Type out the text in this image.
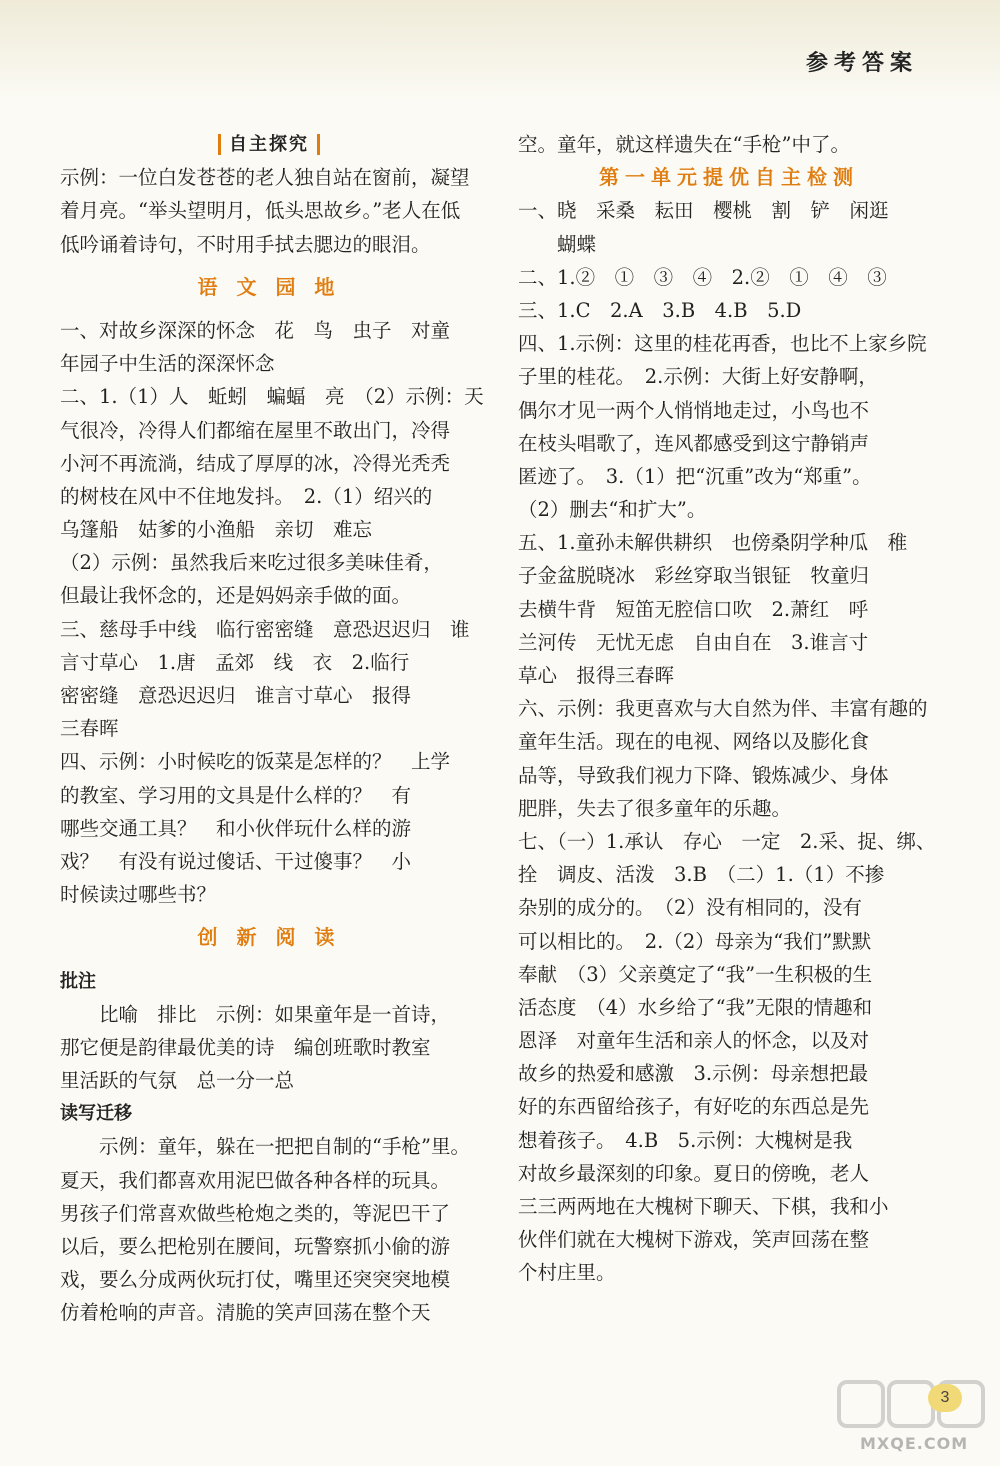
参考答案
自主探究
示例：一位白发苍苍的老人独自站在窗前，凝望
着月亮。“举头望明月，低头思故乡。”老人在低
低吟诵着诗句，不时用手拭去腮边的眼泪。
语 文 园 地
一、对故乡深深的怀念　花　鸟　虫子　对童
年园子中生活的深深怀念
二、1.（1）人　蚯蚓　蝙蝠　亮　（2）示例：天
气很冷，冷得人们都缩在屋里不敢出门，冷得
小河不再流淌，结成了厚厚的冰，冷得光秃秃
的树枝在风中不住地发抖。　2.（1）绍兴的
乌篷船　姑爹的小渔船　亲切　难忘
（2）示例：虽然我后来吃过很多美味佳肴，
但最让我怀念的，还是妈妈亲手做的面。
三、慈母手中线　临行密密缝　意恐迟迟归　谁
言寸草心　1.唐　孟郊　线　衣　2.临行
密密缝　意恐迟迟归　谁言寸草心　报得
三春晖
四、示例：小时候吃的饭菜是怎样的？　上学
的教室、学习用的文具是什么样的？　有
哪些交通工具？　和小伙伴玩什么样的游
戏？　有没有说过傻话、干过傻事？　小
时候读过哪些书？
创 新 阅 读
批注
　　比喻　排比　示例：如果童年是一首诗，
那它便是韵律最优美的诗　编创班歌时教室
里活跃的气氛　总一分一总
读写迁移
　　示例：童年，躲在一把把自制的“手枪”里。
夏天，我们都喜欢用泥巴做各种各样的玩具。
男孩子们常喜欢做些枪炮之类的，等泥巴干了
以后，要么把枪别在腰间，玩警察抓小偷的游
戏，要么分成两伙玩打仗，嘴里还突突突地模
仿着枪响的声音。清脆的笑声回荡在整个天
空。童年，就这样遗失在“手枪”中了。
第一单元提优自主检测
一、晓　采桑　耘田　樱桃　割　铲　闲逛
　　蝴蝶
二、1.②　①　③　④　2.②　①　④　③
三、1.C　2.A　3.B　4.B　5.D
四、1.示例：这里的桂花再香，也比不上家乡院
子里的桂花。　2.示例：大街上好安静啊，
偶尔才见一两个人悄悄地走过，小鸟也不
在枝头唱歌了，连风都感受到这宁静销声
匿迹了。　3.（1）把“沉重”改为“郑重”。
（2）删去“和扩大”。
五、1.童孙未解供耕织　也傍桑阴学种瓜　稚
子金盆脱晓冰　彩丝穿取当银钲　牧童归
去横牛背　短笛无腔信口吹　2.萧红　呼
兰河传　无忧无虑　自由自在　3.谁言寸
草心　报得三春晖
六、示例：我更喜欢与大自然为伴、丰富有趣的
童年生活。现在的电视、网络以及膨化食
品等，导致我们视力下降、锻炼减少、身体
肥胖，失去了很多童年的乐趣。
七、（一）1.承认　存心　一定　2.采、捉、绑、
拴　调皮、活泼　3.B　（二）1.（1）不掺
杂别的成分的。　（2）没有相同的，没有
可以相比的。　2.（2）母亲为“我们”默默
奉献　（3）父亲奠定了“我”一生积极的生
活态度　（4）水乡给了“我”无限的情趣和
恩泽　对童年生活和亲人的怀念，以及对
故乡的热爱和感激　3.示例：母亲想把最
好的东西留给孩子，有好吃的东西总是先
想着孩子。　4.B　5.示例：大槐树是我
对故乡最深刻的印象。夏日的傍晚，老人
三三两两地在大槐树下聊天、下棋，我和小
伙伴们就在大槐树下游戏，笑声回荡在整
个村庄里。
MXQE.COM
3
